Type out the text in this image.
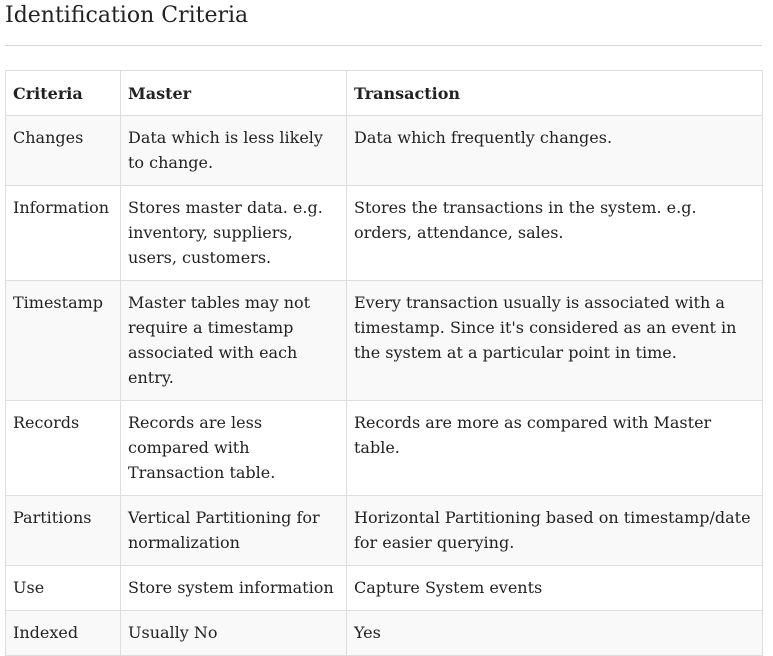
Identification Criteria
Criteria	Master	Transaction
Changes	Data which is less likely to change.	Data which frequently changes.
Information	Stores master data. e.g. inventory, suppliers, users, customers.	Stores the transactions in the system. e.g. orders, attendance, sales.
Timestamp	Master tables may not require a timestamp associated with each entry.	Every transaction usually is associated with a timestamp. Since it's considered as an event in the system at a particular point in time.
Records	Records are less compared with Transaction table.	Records are more as compared with Master table.
Partitions	Vertical Partitioning for normalization	Horizontal Partitioning based on timestamp/date for easier querying.
Use	Store system information	Capture System events
Indexed	Usually No	Yes
